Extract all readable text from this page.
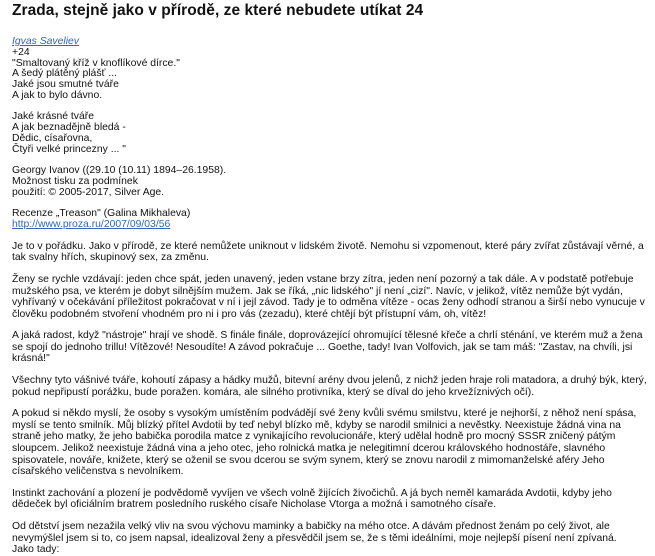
Zrada, stejně jako v přírodě, ze které nebudete utíkat 24
Igvas Saveliev
+24
"Smaltovaný kříž v knoflíkové dírce."
A šedý plátěný plášť ...
Jaké jsou smutné tváře
A jak to bylo dávno.
Jaké krásné tváře
A jak beznadějně bledá -
Dědic, císařovna,
Čtyři velké princezny ... "
Georgy Ivanov ((29.10 (10.11) 1894–26.1958).
Možnost tisku za podmínek
použití: © 2005-2017, Silver Age.
Recenze „Treason" (Galina Mikhaleva)
http://www.proza.ru/2007/09/03/56

Je to v pořádku. Jako v přírodě, ze které nemůžete uniknout v lidském životě. Nemohu si vzpomenout, které páry zvířat zůstávají věrné, a
tak svalny hřích, skupinový sex, za změnu.

Ženy se rychle vzdávají: jeden chce spát, jeden unavený, jeden vstane brzy zítra, jeden není pozorný a tak dále. A v podstatě potřebuje
mužského psa, ve kterém je dobyt silnějším mužem. Jak se říká, „nic lidského" jí není „cizí". Navíc, v jelikož, vítěz nemůže být vydán,
vyhřívaný v očekávání příležitost pokračovat v ní i jejl závod. Tady je to odměna vítěze - ocas ženy odhodí stranou a širší nebo vynucuje v
člověku podobném stvoření vhodném pro ni i pro vás (zezadu), které chtějí být přístupní vám, oh, vítěz!

A jaká radost, když "nástroje" hrají ve shodě. S finále finále, doprovázející ohromující tělesné křeče a chrlí sténání, ve kterém muž a žena
se spojí do jednoho trillu! Vítězové! Nesoudíte! A závod pokračuje ... Goethe, tady! Ivan Volfovich, jak se tam máš: "Zastav, na chvíli, jsi
krásná!"

Všechny tyto vášnivé tváře, kohoutí zápasy a hádky mužů, bitevní arény dvou jelenů, z nichž jeden hraje roli matadora, a druhý býk, který,
pokud nepřipustí porážku, bude poražen. komára, ale silného protivníka, který se díval do jeho krvežíznivých očí).

A pokud si někdo myslí, že osoby s vysokým umístěním podvádějí své ženy kvůli svému smilstvu, které je nejhorší, z něhož není spása,
myslí se tento smilník. Můj blízký přítel Avdotii by teď nebyl blízko mě, kdyby se narodil smilnici a nevěstky. Neexistuje žádná vina na
straně jeho matky, že jeho babička porodila matce z vynikajícího revolucionáře, který udělal hodně pro mocný SSSR zničený pátým
sloupcem. Jelikož neexistuje žádná vina a jeho otec, jeho rolnická matka je nelegitimní dcerou královského hodnostáře, slavného
spisovatele, nováře, knižete, který se oženil se svou dcerou se svým synem, který se znovu narodil z mimomanželské aféry Jeho
císařského veličenstva s nevolníkem.

Instinkt zachování a plození je podvědomě vyvíjen ve všech volně žijících živočichů. A já bych neměl kamaráda Avdotii, kdyby jeho
dědeček byl oficiálním bratrem posledního ruského císaře Nicholase Vtorga a možná i samotného císaře.

Od dětství jsem nezažila velký vliv na svou výchovu maminky a babičky na mého otce. A dávám přednost ženám po celý život, ale
nevymýšlel jsem si to, co jsem napsal, idealizoval ženy a přesvědčil jsem se, že s těmi ideálními, moje nejlepší písení není zpívaná.
Jako tady:
